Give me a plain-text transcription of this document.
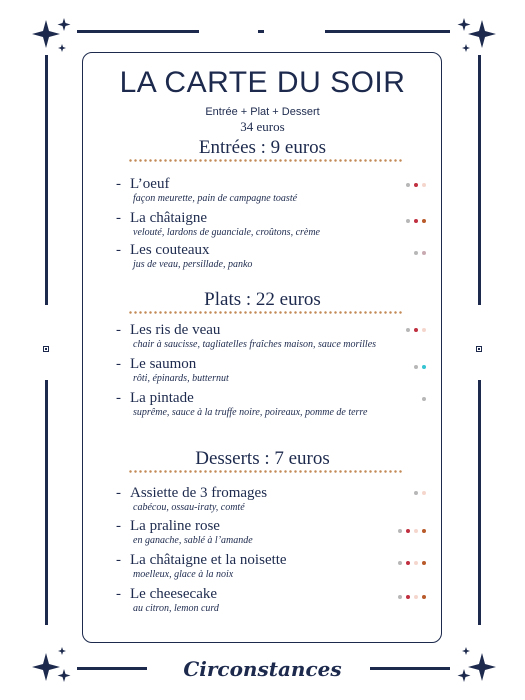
LA CARTE DU SOIR
Entrée + Plat + Dessert
34 euros
Entrées : 9 euros
- L’oeuf
façon meurette, pain de campagne toasté
- La châtaigne
velouté, lardons de guanciale, croûtons, crème
- Les couteaux
jus de veau, persillade, panko
Plats : 22 euros
- Les ris de veau
chair à saucisse, tagliatelles fraîches maison, sauce morilles
- Le saumon
rôti, épinards, butternut
- La pintade
suprême, sauce à la truffe noire, poireaux, pomme de terre
Desserts : 7 euros
- Assiette de 3 fromages
cabécou, ossau-iraty, comté
- La praline rose
en ganache, sablé à l’amande
- La châtaigne et la noisette
moelleux, glace à la noix
- Le cheesecake
au citron, lemon curd
Circonstances
